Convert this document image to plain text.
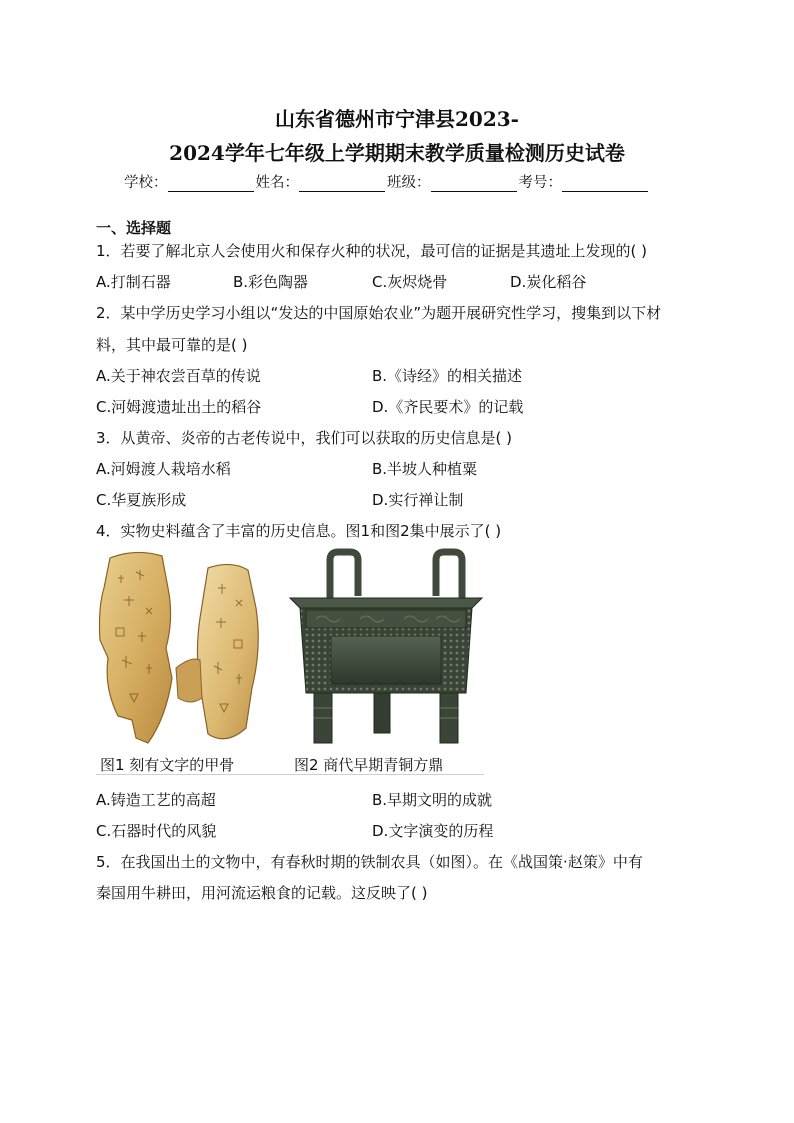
山东省德州市宁津县2023-
2024学年七年级上学期期末教学质量检测历史试卷
学校：	姓名：	班级：	考号：
一、选择题
1．若要了解北京人会使用火和保存火种的状况，最可信的证据是其遗址上发现的( )
A.打制石器	B.彩色陶器	C.灰烬烧骨	D.炭化稻谷
2．某中学历史学习小组以“发达的中国原始农业”为题开展研究性学习，搜集到以下材
料，其中最可靠的是( )
A.关于神农尝百草的传说	B.《诗经》的相关描述
C.河姆渡遗址出土的稻谷	D.《齐民要术》的记载
3．从黄帝、炎帝的古老传说中，我们可以获取的历史信息是( )
A.河姆渡人栽培水稻	B.半坡人种植粟
C.华夏族形成	D.实行禅让制
4．实物史料蕴含了丰富的历史信息。图1和图2集中展示了( )
图1 刻有文字的甲骨	图2 商代早期青铜方鼎
A.铸造工艺的高超	B.早期文明的成就
C.石器时代的风貌	D.文字演变的历程
5．在我国出土的文物中，有春秋时期的铁制农具（如图）。在《战国策·赵策》中有
秦国用牛耕田，用河流运粮食的记载。这反映了( )
